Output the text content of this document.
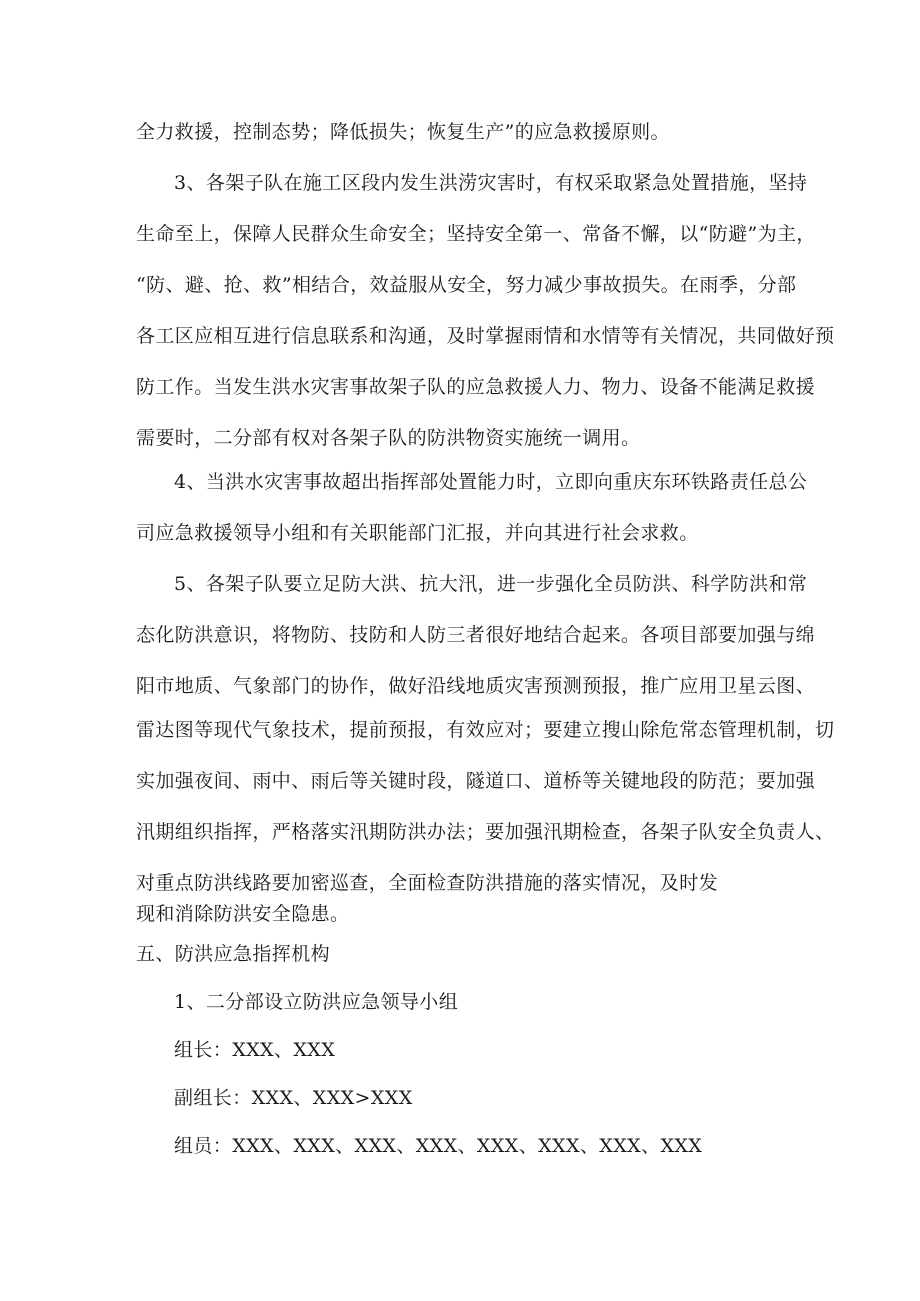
全力救援，控制态势；降低损失；恢复生产”的应急救援原则。
3、各架子队在施工区段内发生洪涝灾害时，有权采取紧急处置措施，坚持
生命至上，保障人民群众生命安全；坚持安全第一、常备不懈，以“防避”为主，
“防、避、抢、救”相结合，效益服从安全，努力减少事故损失。在雨季，分部
各工区应相互进行信息联系和沟通，及时掌握雨情和水情等有关情况，共同做好预
防工作。当发生洪水灾害事故架子队的应急救援人力、物力、设备不能满足救援
需要时，二分部有权对各架子队的防洪物资实施统一调用。
4、当洪水灾害事故超出指挥部处置能力时，立即向重庆东环铁路责任总公
司应急救援领导小组和有关职能部门汇报，并向其进行社会求救。
5、各架子队要立足防大洪、抗大汛，进一步强化全员防洪、科学防洪和常
态化防洪意识，将物防、技防和人防三者很好地结合起来。各项目部要加强与绵
阳市地质、气象部门的协作，做好沿线地质灾害预测预报，推广应用卫星云图、
雷达图等现代气象技术，提前预报，有效应对；要建立搜山除危常态管理机制，切
实加强夜间、雨中、雨后等关键时段，隧道口、道桥等关键地段的防范；要加强
汛期组织指挥，严格落实汛期防洪办法；要加强汛期检查，各架子队安全负责人、
对重点防洪线路要加密巡查，全面检查防洪措施的落实情况，及时发
现和消除防洪安全隐患。
五、防洪应急指挥机构
1、二分部设立防洪应急领导小组
组长：XXX、XXX
副组长：XXX、XXX>XXX
组员：XXX、XXX、XXX、XXX、XXX、XXX、XXX、XXX
